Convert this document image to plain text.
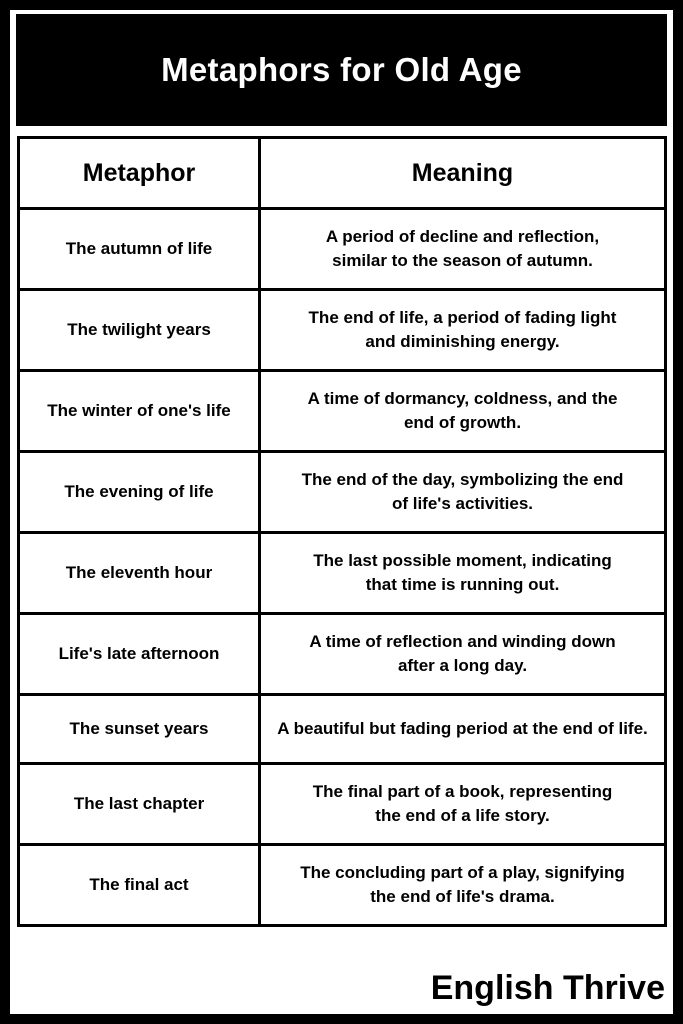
Metaphors for Old Age
Metaphor	Meaning
The autumn of life	A period of decline and reflection,
similar to the season of autumn.
The twilight years	The end of life, a period of fading light
and diminishing energy.
The winter of one's life	A time of dormancy, coldness, and the
end of growth.
The evening of life	The end of the day, symbolizing the end
of life's activities.
The eleventh hour	The last possible moment, indicating
that time is running out.
Life's late afternoon	A time of reflection and winding down
after a long day.
The sunset years	A beautiful but fading period at the end of life.
The last chapter	The final part of a book, representing
the end of a life story.
The final act	The concluding part of a play, signifying
the end of life's drama.

English Thrive
